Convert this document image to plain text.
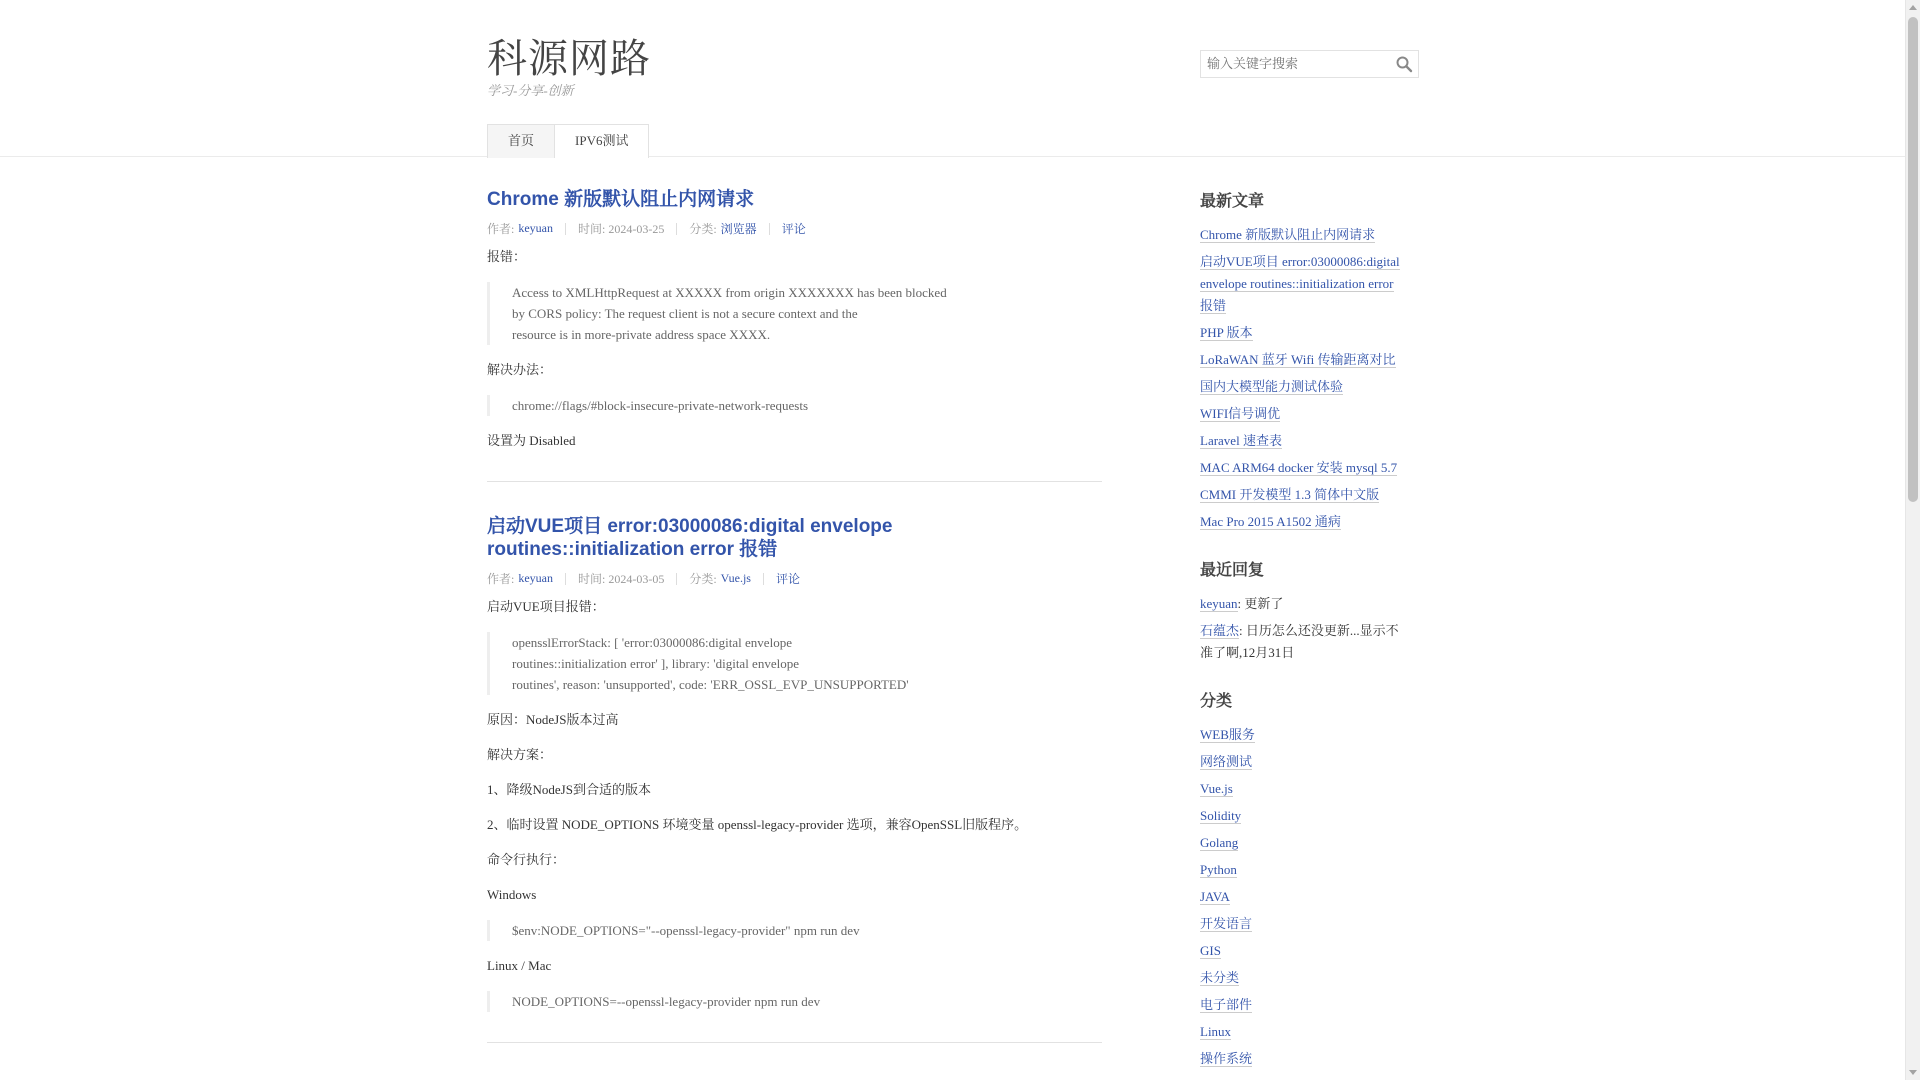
科源网路
学习-分享-创新
输入关键字搜索
首页	IPV6测试
Chrome 新版默认阻止内网请求
作者: keyuan 时间: 2024-03-25 分类: 浏览器 评论

报错：

Access to XMLHttpRequest at XXXXX from origin XXXXXXX has been blocked
by CORS policy: The request client is not a secure context and the
resource is in more-private address space XXXX.

解决办法：

chrome://flags/#block-insecure-private-network-requests

设置为 Disabled

启动VUE项目 error:03000086:digital envelope
routines::initialization error 报错
作者: keyuan 时间: 2024-03-05 分类: Vue.js 评论

启动VUE项目报错：

opensslErrorStack: [ 'error:03000086:digital envelope
routines::initialization error' ], library: 'digital envelope
routines', reason: 'unsupported', code: 'ERR_OSSL_EVP_UNSUPPORTED'

原因：NodeJS版本过高

解决方案：

1、降级NodeJS到合适的版本

2、临时设置 NODE_OPTIONS 环境变量 openssl-legacy-provider 选项，兼容OpenSSL旧版程序。

命令行执行：

Windows

$env:NODE_OPTIONS="--openssl-legacy-provider" npm run dev

Linux / Mac

NODE_OPTIONS=--openssl-legacy-provider npm run dev
最新文章
Chrome 新版默认阻止内网请求
启动VUE项目 error:03000086:digital
envelope routines::initialization error
报错
PHP 版本
LoRaWAN 蓝牙 Wifi 传输距离对比
国内大模型能力测试体验
WIFI信号调优
Laravel 速查表
MAC ARM64 docker 安装 mysql 5.7
CMMI 开发模型 1.3 简体中文版
Mac Pro 2015 A1502 通病
最近回复
keyuan: 更新了
石蕴杰: 日历怎么还没更新...显示不
准了啊,12月31日
分类
WEB服务
网络测试
Vue.js
Solidity
Golang
Python
JAVA
开发语言
GIS
未分类
电子部件
Linux
操作系统
